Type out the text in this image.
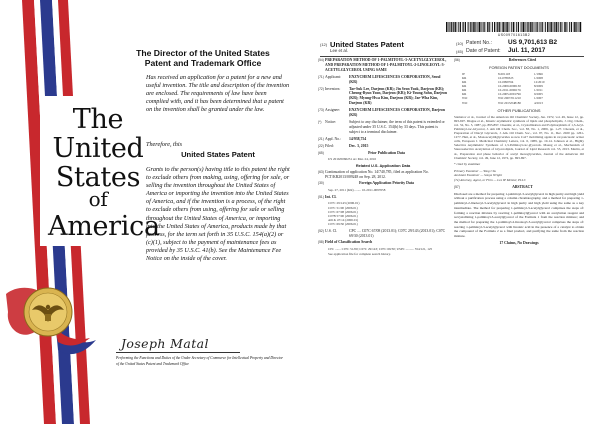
The
United
States
of
America
The Director of the United States
Patent and Trademark Office
Has received an application for a patent for a new and useful invention. The title and description of the invention are enclosed. The requirements of law have been complied with, and it has been determined that a patent on the invention shall be granted under the law.
Therefore, this
United States Patent
Grants to the person(s) having title to this patent the right to exclude others from making, using, offering for sale, or selling the invention throughout the United States of America or importing the invention into the United States of America, and if the invention is a process, of the right to exclude others from using, offering for sale or selling throughout the United States of America, or importing into the United States of America, products made by that process, for the term set forth in 35 U.S.C. 154(a)(2) or (c)(1), subject to the payment of maintenance fees as provided by 35 U.S.C. 41(b). See the Maintenance Fee Notice on the inside of the cover.
Joseph Matal
Performing the Functions and Duties of the Under Secretary of Commerce for Intellectual Property and Director of the United States Patent and Trademark Office
US009701613B2
(12) United States Patent
Lee et al.
(10) Patent No.:	US 9,701,613 B2
(45) Date of Patent: Jul. 11, 2017
(54) PREPARATION METHOD OF 1-PALMITOYL-3-ACETYLGLYCEROL, AND PREPARATION METHOD OF 1-PALMITOYL-2-LINOLEOYL-3-ACETYLGLYCEROL USING SAME
(71) Applicant:	ENZYCHEM LIFESCIENCES CORPORATION, Seoul (KR)
(72) Inventors:	Tae-Suk Lee, Daejeon (KR); Jin Seon Yook, Daejeon (KR); Cheong-Ryun Yoon, Daejeon (KR); Ki-Young Sohn, Daejeon (KR); Myung-Hwa Kim, Daejeon (KR); Jae-Wha Kim, Daejeon (KR)
(73) Assignee:	ENZYCHEM LIFESCIENCES CORPORATION, Daejeon (KR)
(*) Notice:	Subject to any disclaimer, the term of this patent is extended or adjusted under 35 U.S.C. 154(b) by 33 days. This patent is subject to a terminal disclaimer.
(21) Appl. No.:	14/938,754
(22) Filed:	Dec. 3, 2015
(65)	Prior Publication Data
US 2016/0060231 A1 Mar. 24, 2016
Related U.S. Application Data
(63) Continuation of application No. 14/740,785, filed as application No. PCT/KR2013/009248 on Sep. 28, 2012.
(30)	Foreign Application Priority Data
Sep. 27, 2011 (KR) ........ 10-2011-0097658
(51) Int. Cl.
C07C 29/143 (2006.01)
C07C 51/00 (2006.01)
C07C 67/08 (2006.01)
C07B 57/00 (2006.01)
A61K 47/14 (2006.01)
C07C 69/30 (2006.01)
(52) U.S. Cl.	CPC .... C07C 67/08 (2013.01); C07C 29/143 (2013.01); C07C 69/30 (2013.01)
(58) Field of Classification Search
CPC ....... C07C 51/00; C07C 29/143; C07C 69/30; USPC .......... 554/121, 125
See application file for complete search history.
(56)	References Cited
FOREIGN PATENT DOCUMENTS
JP	8-001118	1/1996
KR	10-0789323	1/2008
KR	10-0999764	12/2010
KR	10-2009-0090130	8/2009
KR	10-2011-0006176	1/2011
KR	10-2005-0091796	9/2005
WO	WO 2007/011210	1/2007
WO	WO 2013/048180	4/2013
OTHER PUBLICATIONS
Stamatov et al., Journal of the American Oil Chemists' Society, Jan. 1972, vol. 49, Issue 12, pp. 693-697. Diagne et al., Kinetic asymmetric synthesis of lipids and phospholipids, J. Org. Chem., vol. 52, No. 5, 1987, pp. 895-897. Cheenbr, et al., Crystallization and Polymorphism of 1,3-Acyl-Palmitoyl-rac-Glycerol, J. Am Oil Chem. Soc., vol. 83, No. 1, 2006, pp. 1-27. Cheonis, et al., Preparation of Diacyl Glycerols, J. Am. Oil Chem. Soc., vol. 97, No. 11, Dec. 2020 pp. 1261-1277. Heti, et al., Monoacetyldiglycerides as new Ca2+ mobilizing agents in rat pancreatic acinar cells, European J. Medicinal Chemistry Letters, vol. 6, 1989, pp. 10-14. Johnson et al., Highly Selective Asymmetric Synthesis of 1,3-Palmitoyl-rac-glycerols. Maeng et al., Mechanism of Stereoselective Acetylation of Glycerolipids, Journal of Lipid Research vol. 55, 2013. Martin, et al., Preparation and phase behavior of acetyl monoglycerides, Journal of the American Oil Chemists' Society, vol. 49, June 12, 1972, pp. 693-697.
* cited by examiner
Primary Examiner — Yong Chu
Assistant Examiner — Sonya Wright
(74) Attorney, Agent, or Firm — Lex IP Meister, PLLC
(57)	ABSTRACT
Disclosed are a method for preparing 1-palmitoyl-3-acetylglycerol in high purity and high yield without a purification process using a column chromatography, and a method for preparing 1-palmitoyl-2-linoleoyl-3-acetylglycerol in high purity and high yield using the same as a key intermediate. The method for preparing 1-palmitoyl-3-acetylglycerol comprises the steps of: forming a reaction mixture by reacting 1-palmitoylglycerol with an acetylation reagent and recrystallizing 1-palmitoyl-3-acetylglycerol of the Formula 1 from the reaction mixture; and the method for preparing the 1-palmitoyl-2-linoleoyl-3-acetylglycerol comprises the steps of: reacting 1-palmitoyl-3-acetylglycerol with linoleic acid in the presence of a catalyst to obtain the compound of the Formula 2 as a final product, and purifying the same from the reaction mixture.
17 Claims, No Drawings
